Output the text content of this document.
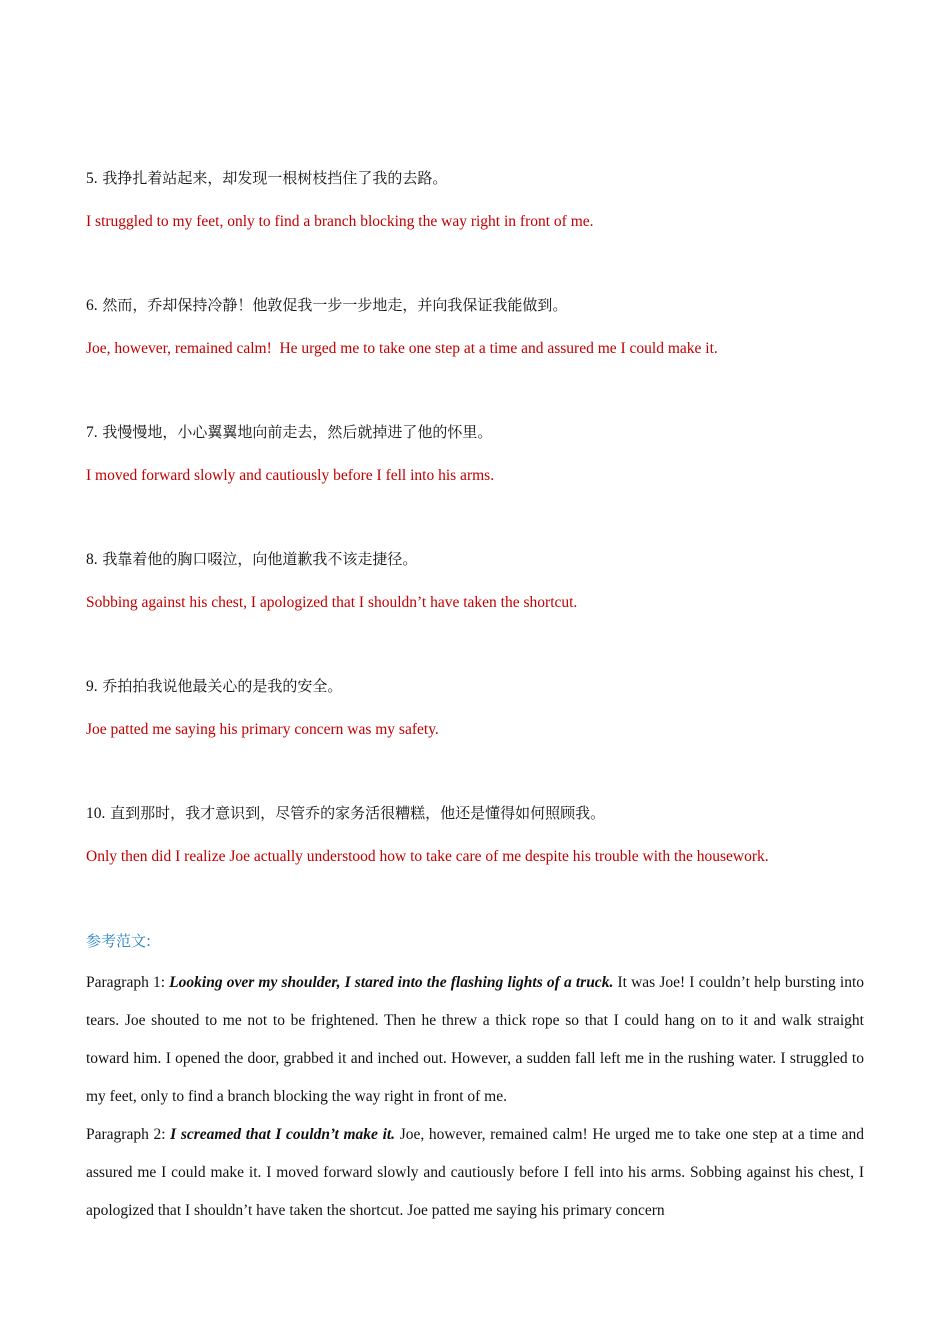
5. 我挣扎着站起来，却发现一根树枝挡住了我的去路。
I struggled to my feet, only to find a branch blocking the way right in front of me.
6. 然而，乔却保持冷静！他敦促我一步一步地走，并向我保证我能做到。
Joe, however, remained calm!  He urged me to take one step at a time and assured me I could make it.
7. 我慢慢地，小心翼翼地向前走去，然后就掉进了他的怀里。
I moved forward slowly and cautiously before I fell into his arms.
8. 我靠着他的胸口啜泣，向他道歉我不该走捷径。
Sobbing against his chest, I apologized that I shouldn’t have taken the shortcut.
9. 乔拍拍我说他最关心的是我的安全。
Joe patted me saying his primary concern was my safety.
10. 直到那时，我才意识到，尽管乔的家务活很糟糕，他还是懂得如何照顾我。
Only then did I realize Joe actually understood how to take care of me despite his trouble with the housework.
参考范文:

Paragraph 1: Looking over my shoulder, I stared into the flashing lights of a truck. It was Joe! I couldn’t help bursting into tears. Joe shouted to me not to be frightened. Then he threw a thick rope so that I could hang on to it and walk straight toward him. I opened the door, grabbed it and inched out. However, a sudden fall left me in the rushing water. I struggled to my feet, only to find a branch blocking the way right in front of me.

Paragraph 2: I screamed that I couldn’t make it. Joe, however, remained calm! He urged me to take one step at a time and assured me I could make it. I moved forward slowly and cautiously before I fell into his arms. Sobbing against his chest, I apologized that I shouldn’t have taken the shortcut. Joe patted me saying his primary concern
